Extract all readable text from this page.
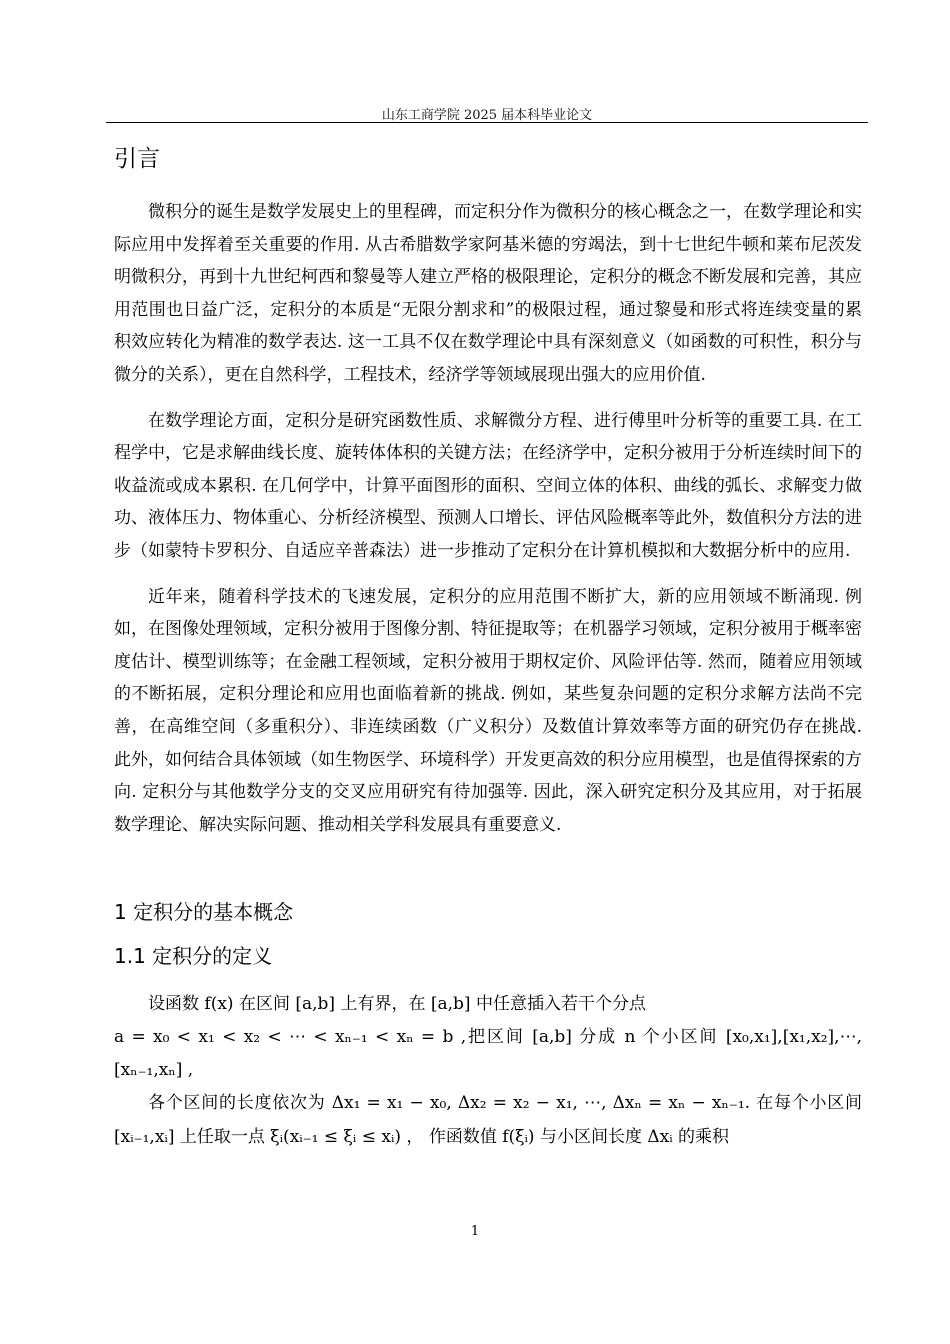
山东工商学院 2025 届本科毕业论文
引言

微积分的诞生是数学发展史上的里程碑，而定积分作为微积分的核心概念之一，在数学理论和实际应用中发挥着至关重要的作用. 从古希腊数学家阿基米德的穷竭法，到十七世纪牛顿和莱布尼茨发明微积分，再到十九世纪柯西和黎曼等人建立严格的极限理论，定积分的概念不断发展和完善，其应用范围也日益广泛，定积分的本质是“无限分割求和”的极限过程，通过黎曼和形式将连续变量的累积效应转化为精准的数学表达. 这一工具不仅在数学理论中具有深刻意义（如函数的可积性，积分与微分的关系），更在自然科学，工程技术，经济学等领域展现出强大的应用价值.

在数学理论方面，定积分是研究函数性质、求解微分方程、进行傅里叶分析等的重要工具. 在工程学中，它是求解曲线长度、旋转体体积的关键方法；在经济学中，定积分被用于分析连续时间下的收益流或成本累积. 在几何学中，计算平面图形的面积、空间立体的体积、曲线的弧长、求解变力做功、液体压力、物体重心、分析经济模型、预测人口增长、评估风险概率等此外，数值积分方法的进步（如蒙特卡罗积分、自适应辛普森法）进一步推动了定积分在计算机模拟和大数据分析中的应用.

近年来，随着科学技术的飞速发展，定积分的应用范围不断扩大，新的应用领域不断涌现. 例如，在图像处理领域，定积分被用于图像分割、特征提取等；在机器学习领域，定积分被用于概率密度估计、模型训练等；在金融工程领域，定积分被用于期权定价、风险评估等. 然而，随着应用领域的不断拓展，定积分理论和应用也面临着新的挑战. 例如，某些复杂问题的定积分求解方法尚不完善，在高维空间（多重积分）、非连续函数（广义积分）及数值计算效率等方面的研究仍存在挑战. 此外，如何结合具体领域（如生物医学、环境科学）开发更高效的积分应用模型，也是值得探索的方向. 定积分与其他数学分支的交叉应用研究有待加强等. 因此，深入研究定积分及其应用，对于拓展数学理论、解决实际问题、推动相关学科发展具有重要意义.

1 定积分的基本概念
1.1 定积分的定义

设函数 f(x) 在区间 [a,b] 上有界，在 [a,b] 中任意插入若干个分点

a = x₀ < x₁ < x₂ < ⋯ < xₙ₋₁ < xₙ = b ,把区间 [a,b] 分成 n 个小区间 [x₀,x₁],[x₁,x₂],⋯,[xₙ₋₁,xₙ] ,

各个区间的长度依次为 Δx₁ = x₁ − x₀, Δx₂ = x₂ − x₁, ⋯, Δxₙ = xₙ − xₙ₋₁. 在每个小区间 [xᵢ₋₁,xᵢ] 上任取一点 ξᵢ(xᵢ₋₁ ≤ ξᵢ ≤ xᵢ) ， 作函数值 f(ξᵢ) 与小区间长度 Δxᵢ 的乘积

1
